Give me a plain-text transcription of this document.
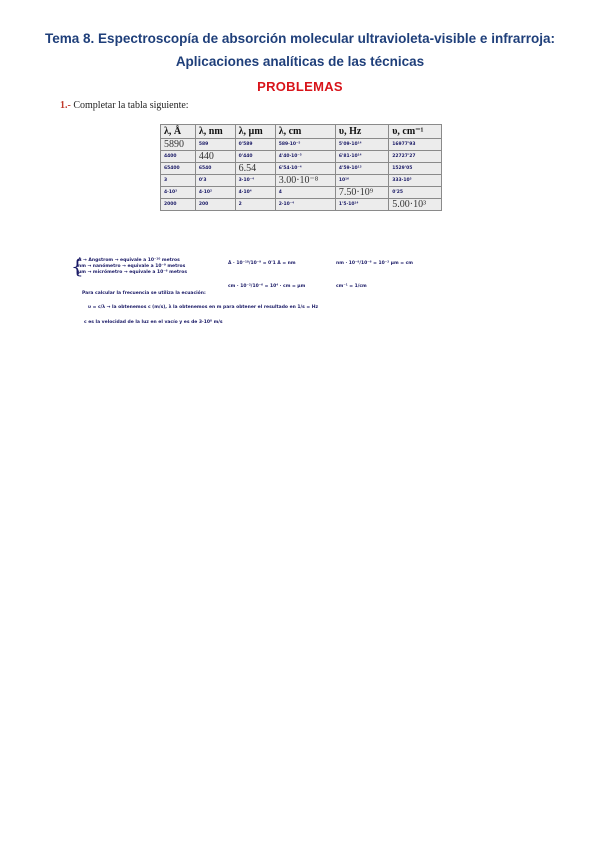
Tema 8. Espectroscopía de absorción molecular ultravioleta-visible e infrarroja:
Aplicaciones analíticas de las técnicas
PROBLEMAS
1.- Completar la tabla siguiente:
λ, Å	λ, nm	λ, µm	λ, cm	υ, Hz	υ, cm⁻¹
5890	589	0'589	589·10⁻⁵	5'09·10¹⁴	16977'93
4400	440	0'440	4'40·10⁻⁵	6'81·10¹⁴	22727'27
65400	6540	6.54	6'54·10⁻⁴	4'59·10¹³	1529'05
3	0'3	3·10⁻⁴	3.00·10⁻⁸	10¹⁶	333·10⁵
4·10³	4·10²	4·10⁴	4	7.50·10⁹	0'25
2000	200	2	2·10⁻⁴	1'5·10¹⁴	5.00·10³
{
Å → Angstrom → equivale a 10⁻¹⁰ metros
nm → nanómetro → equivale a 10⁻⁹ metros
µm → micrómetro → equivale a 10⁻⁶ metros
Å · 10⁻¹⁰/10⁻⁹ = 0'1 Å = nm	nm · 10⁻⁹/10⁻⁶ = 10⁻³ µm = cm
cm · 10⁻²/10⁻⁶ = 10⁴ · cm = µm	cm⁻¹ = 1/cm
Para calcular la frecuencia se utiliza la ecuación:
υ = c/λ → la obtenemos c (m/s), λ la obtenemos en m para obtener el resultado en 1/s = Hz
c es la velocidad de la luz en el vacío y es de 3·10⁸ m/s
